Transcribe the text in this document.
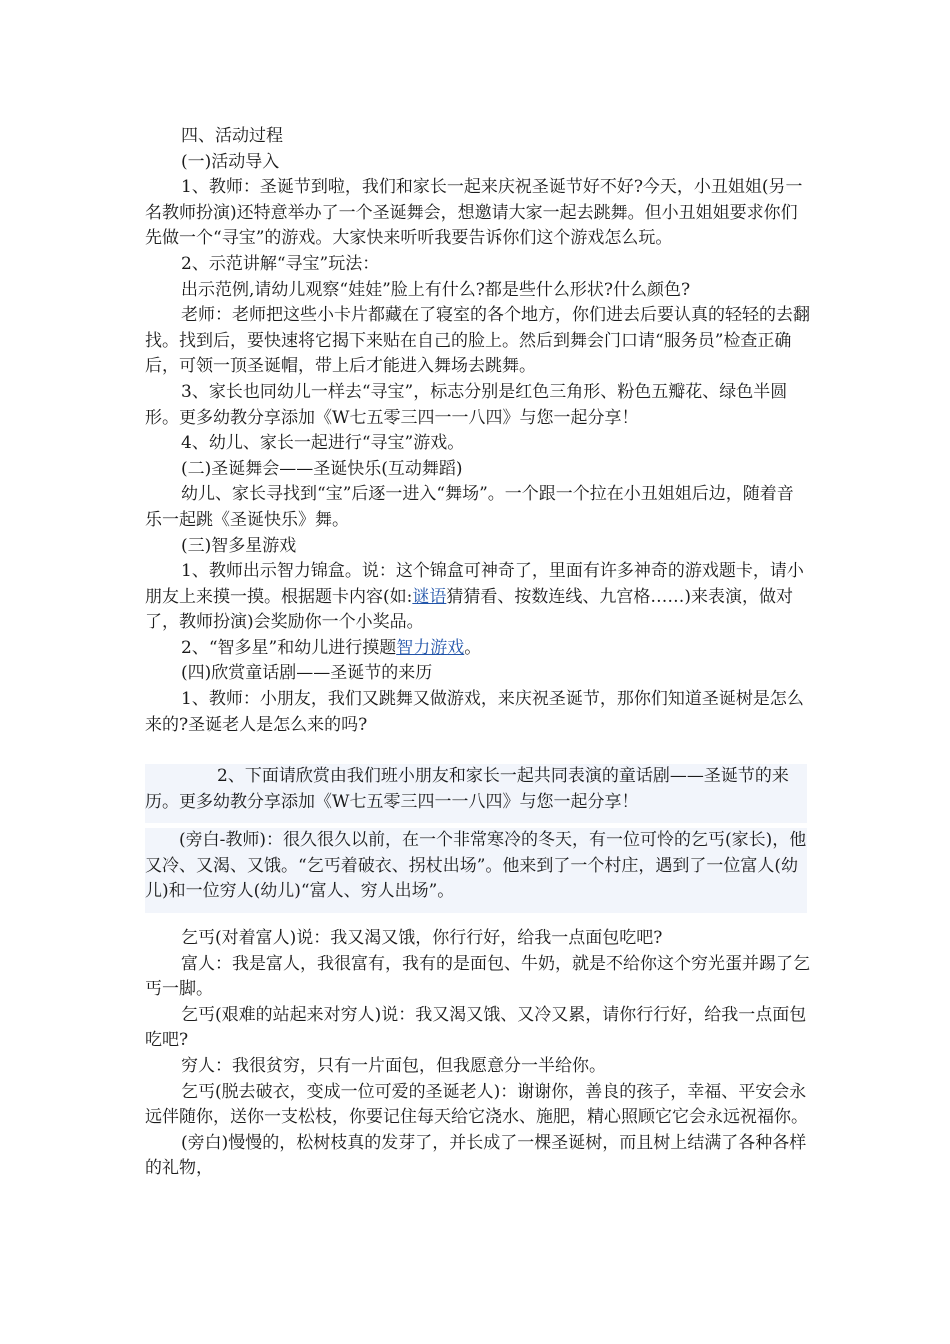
四、活动过程

(一)活动导入

1、教师：圣诞节到啦，我们和家长一起来庆祝圣诞节好不好?今天，小丑姐姐(另一名教师扮演)还特意举办了一个圣诞舞会，想邀请大家一起去跳舞。但小丑姐姐要求你们先做一个“寻宝”的游戏。大家快来听听我要告诉你们这个游戏怎么玩。

2、示范讲解“寻宝”玩法：

出示范例,请幼儿观察“娃娃”脸上有什么?都是些什么形状?什么颜色?

老师：老师把这些小卡片都藏在了寝室的各个地方，你们进去后要认真的轻轻的去翻找。找到后，要快速将它揭下来贴在自己的脸上。然后到舞会门口请“服务员”检查正确后，可领一顶圣诞帽，带上后才能进入舞场去跳舞。

3、家长也同幼儿一样去“寻宝”，标志分别是红色三角形、粉色五瓣花、绿色半圆形。更多幼教分享添加《W七五零三四一一八四》与您一起分享！

4、幼儿、家长一起进行“寻宝”游戏。

(二)圣诞舞会——圣诞快乐(互动舞蹈)

幼儿、家长寻找到“宝”后逐一进入“舞场”。一个跟一个拉在小丑姐姐后边，随着音乐一起跳《圣诞快乐》舞。

(三)智多星游戏

1、教师出示智力锦盒。说：这个锦盒可神奇了，里面有许多神奇的游戏题卡，请小朋友上来摸一摸。根据题卡内容(如:谜语猜猜看、按数连线、九宫格……)来表演，做对了，教师扮演)会奖励你一个小奖品。

2、“智多星”和幼儿进行摸题智力游戏。

(四)欣赏童话剧——圣诞节的来历

1、教师：小朋友，我们又跳舞又做游戏，来庆祝圣诞节，那你们知道圣诞树是怎么来的?圣诞老人是怎么来的吗?

2、下面请欣赏由我们班小朋友和家长一起共同表演的童话剧——圣诞节的来历。更多幼教分享添加《W七五零三四一一八四》与您一起分享！

(旁白-教师)：很久很久以前，在一个非常寒冷的冬天，有一位可怜的乞丐(家长)，他又冷、又渴、又饿。“乞丐着破衣、拐杖出场”。他来到了一个村庄，遇到了一位富人(幼儿)和一位穷人(幼儿)“富人、穷人出场”。

乞丐(对着富人)说：我又渴又饿，你行行好，给我一点面包吃吧?

富人：我是富人，我很富有，我有的是面包、牛奶，就是不给你这个穷光蛋并踢了乞丐一脚。

乞丐(艰难的站起来对穷人)说：我又渴又饿、又冷又累，请你行行好，给我一点面包吃吧?

穷人：我很贫穷，只有一片面包，但我愿意分一半给你。

乞丐(脱去破衣，变成一位可爱的圣诞老人)：谢谢你，善良的孩子，幸福、平安会永远伴随你，送你一支松枝，你要记住每天给它浇水、施肥，精心照顾它它会永远祝福你。

(旁白)慢慢的，松树枝真的发芽了，并长成了一棵圣诞树，而且树上结满了各种各样的礼物，
